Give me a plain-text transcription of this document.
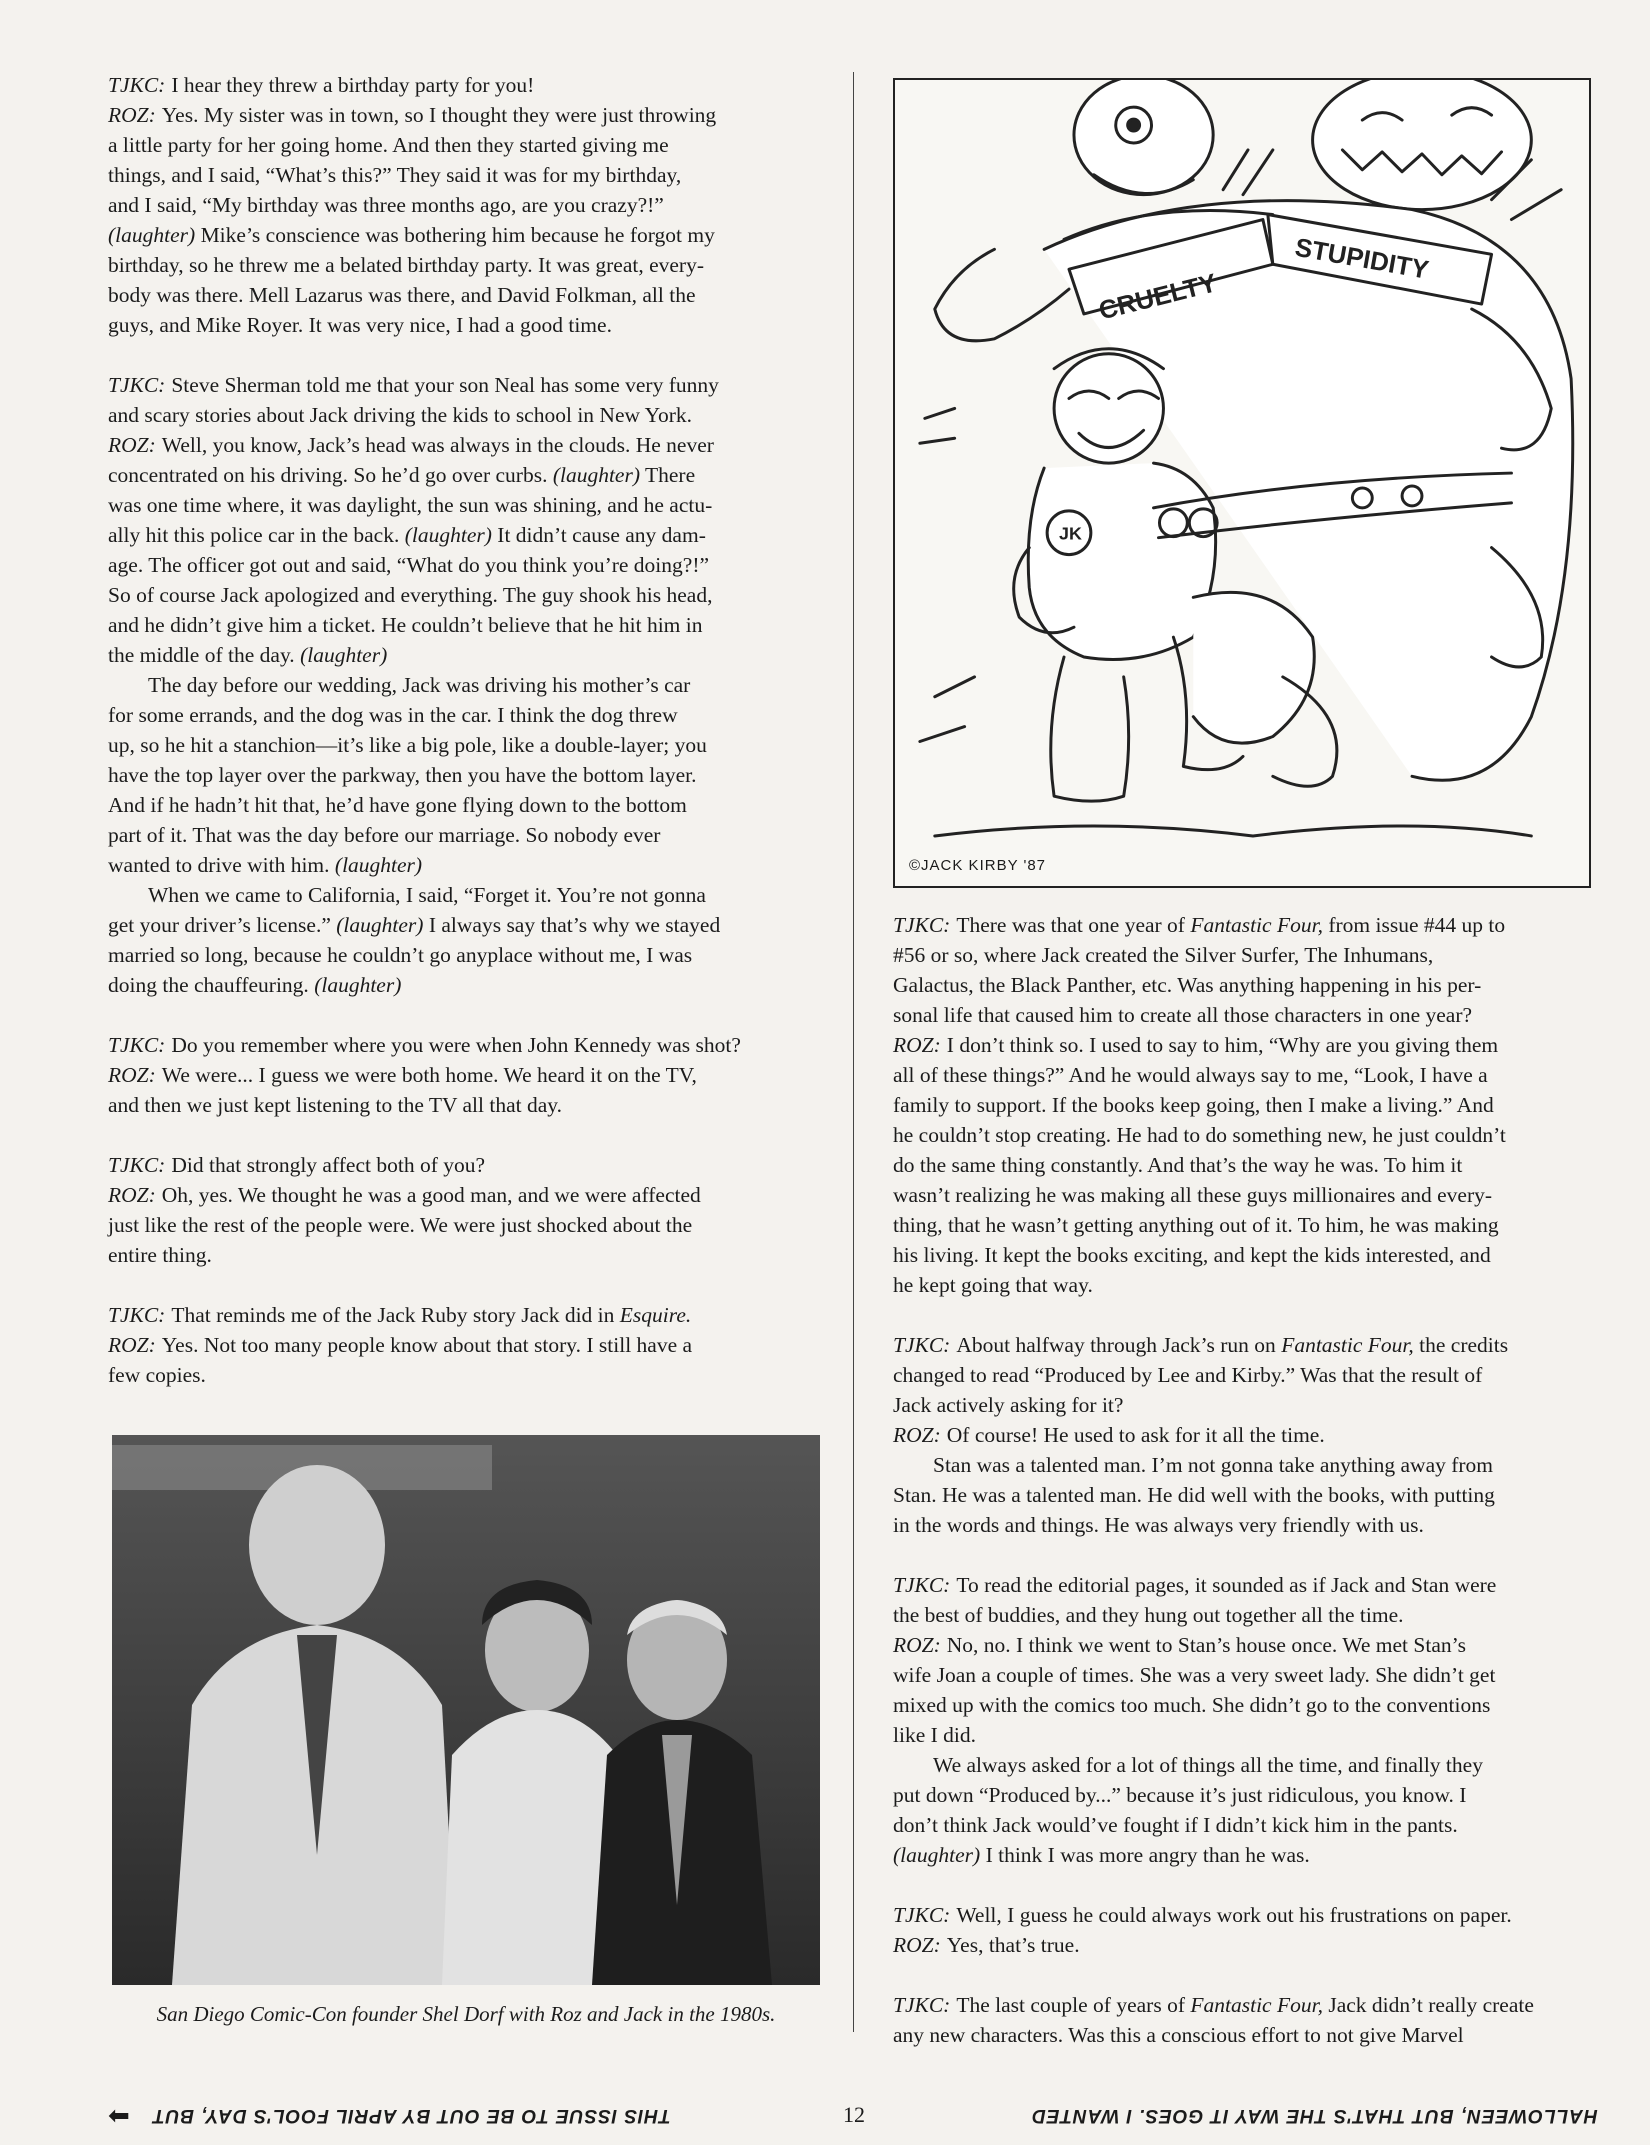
TJKC: I hear they threw a birthday party for you!
ROZ: Yes. My sister was in town, so I thought they were just throwing
a little party for her going home. And then they started giving me
things, and I said, “What’s this?” They said it was for my birthday,
and I said, “My birthday was three months ago, are you crazy?!”
(laughter) Mike’s conscience was bothering him because he forgot my
birthday, so he threw me a belated birthday party. It was great, every-
body was there. Mell Lazarus was there, and David Folkman, all the
guys, and Mike Royer. It was very nice, I had a good time.
TJKC: Steve Sherman told me that your son Neal has some very funny
and scary stories about Jack driving the kids to school in New York.
ROZ: Well, you know, Jack’s head was always in the clouds. He never
concentrated on his driving. So he’d go over curbs. (laughter) There
was one time where, it was daylight, the sun was shining, and he actu-
ally hit this police car in the back. (laughter) It didn’t cause any dam-
age. The officer got out and said, “What do you think you’re doing?!”
So of course Jack apologized and everything. The guy shook his head,
and he didn’t give him a ticket. He couldn’t believe that he hit him in
the middle of the day. (laughter)
The day before our wedding, Jack was driving his mother’s car
for some errands, and the dog was in the car. I think the dog threw
up, so he hit a stanchion—it’s like a big pole, like a double-layer; you
have the top layer over the parkway, then you have the bottom layer.
And if he hadn’t hit that, he’d have gone flying down to the bottom
part of it. That was the day before our marriage. So nobody ever
wanted to drive with him. (laughter)
When we came to California, I said, “Forget it. You’re not gonna
get your driver’s license.” (laughter) I always say that’s why we stayed
married so long, because he couldn’t go anyplace without me, I was
doing the chauffeuring. (laughter)
TJKC: Do you remember where you were when John Kennedy was shot?
ROZ: We were... I guess we were both home. We heard it on the TV,
and then we just kept listening to the TV all that day.
TJKC: Did that strongly affect both of you?
ROZ: Oh, yes. We thought he was a good man, and we were affected
just like the rest of the people were. We were just shocked about the
entire thing.
TJKC: That reminds me of the Jack Ruby story Jack did in Esquire.
ROZ: Yes. Not too many people know about that story. I still have a
few copies.
TJKC: There was that one year of Fantastic Four, from issue #44 up to
#56 or so, where Jack created the Silver Surfer, The Inhumans,
Galactus, the Black Panther, etc. Was anything happening in his per-
sonal life that caused him to create all those characters in one year?
ROZ: I don’t think so. I used to say to him, “Why are you giving them
all of these things?” And he would always say to me, “Look, I have a
family to support. If the books keep going, then I make a living.” And
he couldn’t stop creating. He had to do something new, he just couldn’t
do the same thing constantly. And that’s the way he was. To him it
wasn’t realizing he was making all these guys millionaires and every-
thing, that he wasn’t getting anything out of it. To him, he was making
his living. It kept the books exciting, and kept the kids interested, and
he kept going that way.
TJKC: About halfway through Jack’s run on Fantastic Four, the credits
changed to read “Produced by Lee and Kirby.” Was that the result of
Jack actively asking for it?
ROZ: Of course! He used to ask for it all the time.
Stan was a talented man. I’m not gonna take anything away from
Stan. He was a talented man. He did well with the books, with putting
in the words and things. He was always very friendly with us.
TJKC: To read the editorial pages, it sounded as if Jack and Stan were
the best of buddies, and they hung out together all the time.
ROZ: No, no. I think we went to Stan’s house once. We met Stan’s
wife Joan a couple of times. She was a very sweet lady. She didn’t get
mixed up with the comics too much. She didn’t go to the conventions
like I did.
We always asked for a lot of things all the time, and finally they
put down “Produced by...” because it’s just ridiculous, you know. I
don’t think Jack would’ve fought if I didn’t kick him in the pants.
(laughter) I think I was more angry than he was.
TJKC: Well, I guess he could always work out his frustrations on paper.
ROZ: Yes, that’s true.
TJKC: The last couple of years of Fantastic Four, Jack didn’t really create
any new characters. Was this a conscious effort to not give Marvel
CRUELTY
STUPIDITY
JK
©JACK KIRBY '87
San Diego Comic-Con founder Shel Dorf with Roz and Jack in the 1980s.
⬅ THIS ISSUE TO BE OUT BY APRIL FOOL'S DAY, BUT	12	HALLOWEEN, BUT THAT'S THE WAY IT GOES. I WANTED
